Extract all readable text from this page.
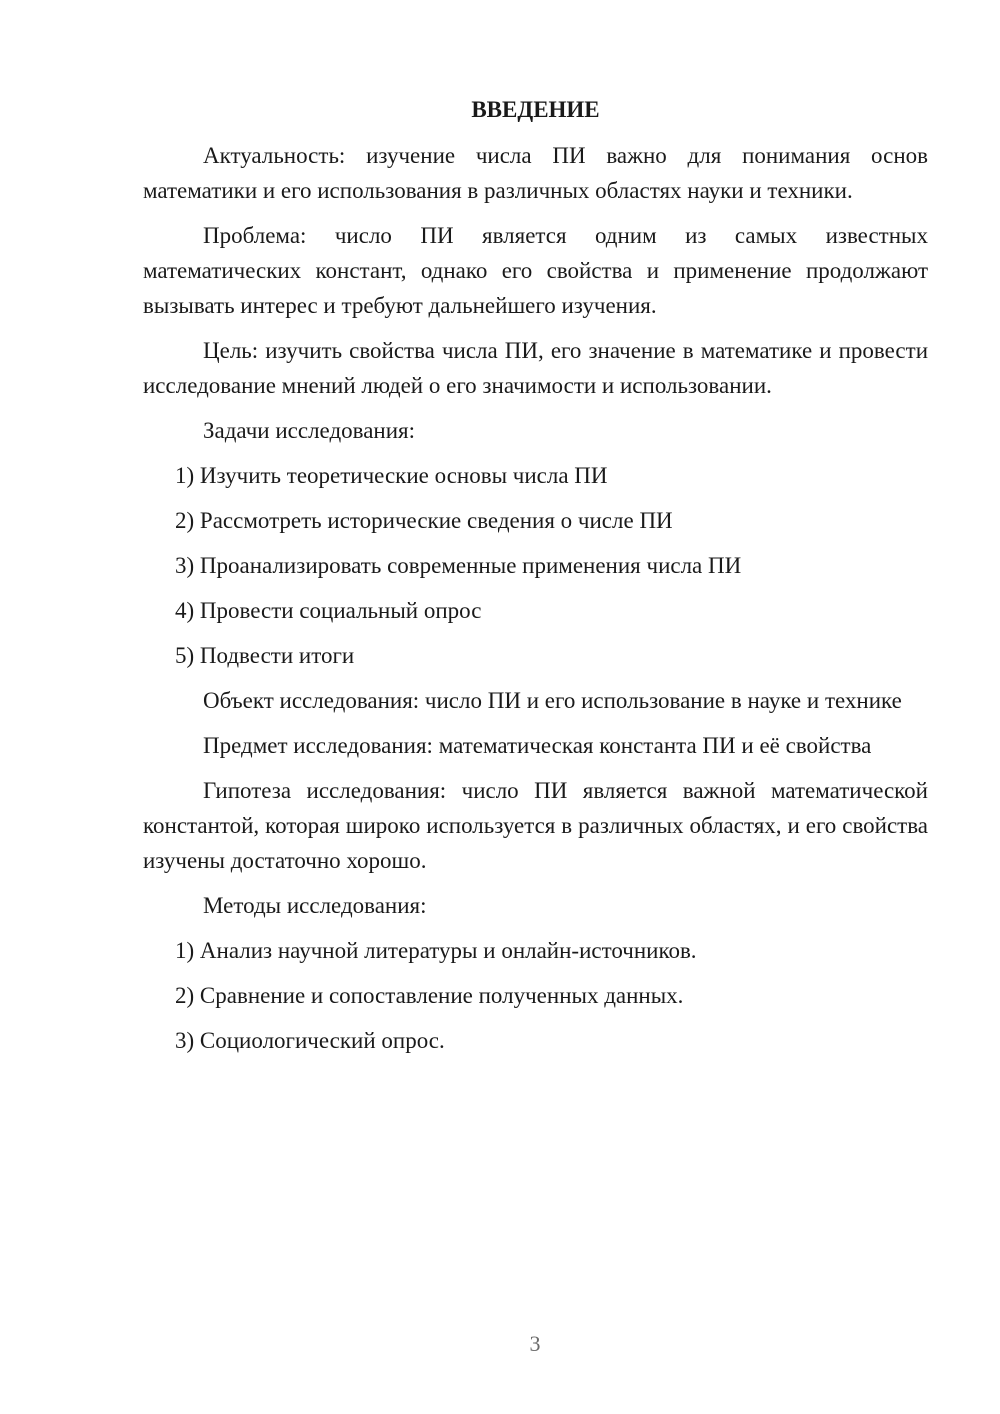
ВВЕДЕНИЕ

Актуальность: изучение числа ПИ важно для понимания основ математики и его использования в различных областях науки и техники.

Проблема: число ПИ является одним из самых известных математических констант, однако его свойства и применение продолжают вызывать интерес и требуют дальнейшего изучения.

Цель: изучить свойства числа ПИ, его значение в математике и провести исследование мнений людей о его значимости и использовании.

Задачи исследования:

1) Изучить теоретические основы числа ПИ
2) Рассмотреть исторические сведения о числе ПИ
3) Проанализировать современные применения числа ПИ
4) Провести социальный опрос
5) Подвести итоги

Объект исследования: число ПИ и его использование в науке и технике

Предмет исследования: математическая константа ПИ и её свойства

Гипотеза исследования: число ПИ является важной математической константой, которая широко используется в различных областях, и его свойства изучены достаточно хорошо.

Методы исследования:

1) Анализ научной литературы и онлайн-источников.
2) Сравнение и сопоставление полученных данных.
3) Социологический опрос.
3
